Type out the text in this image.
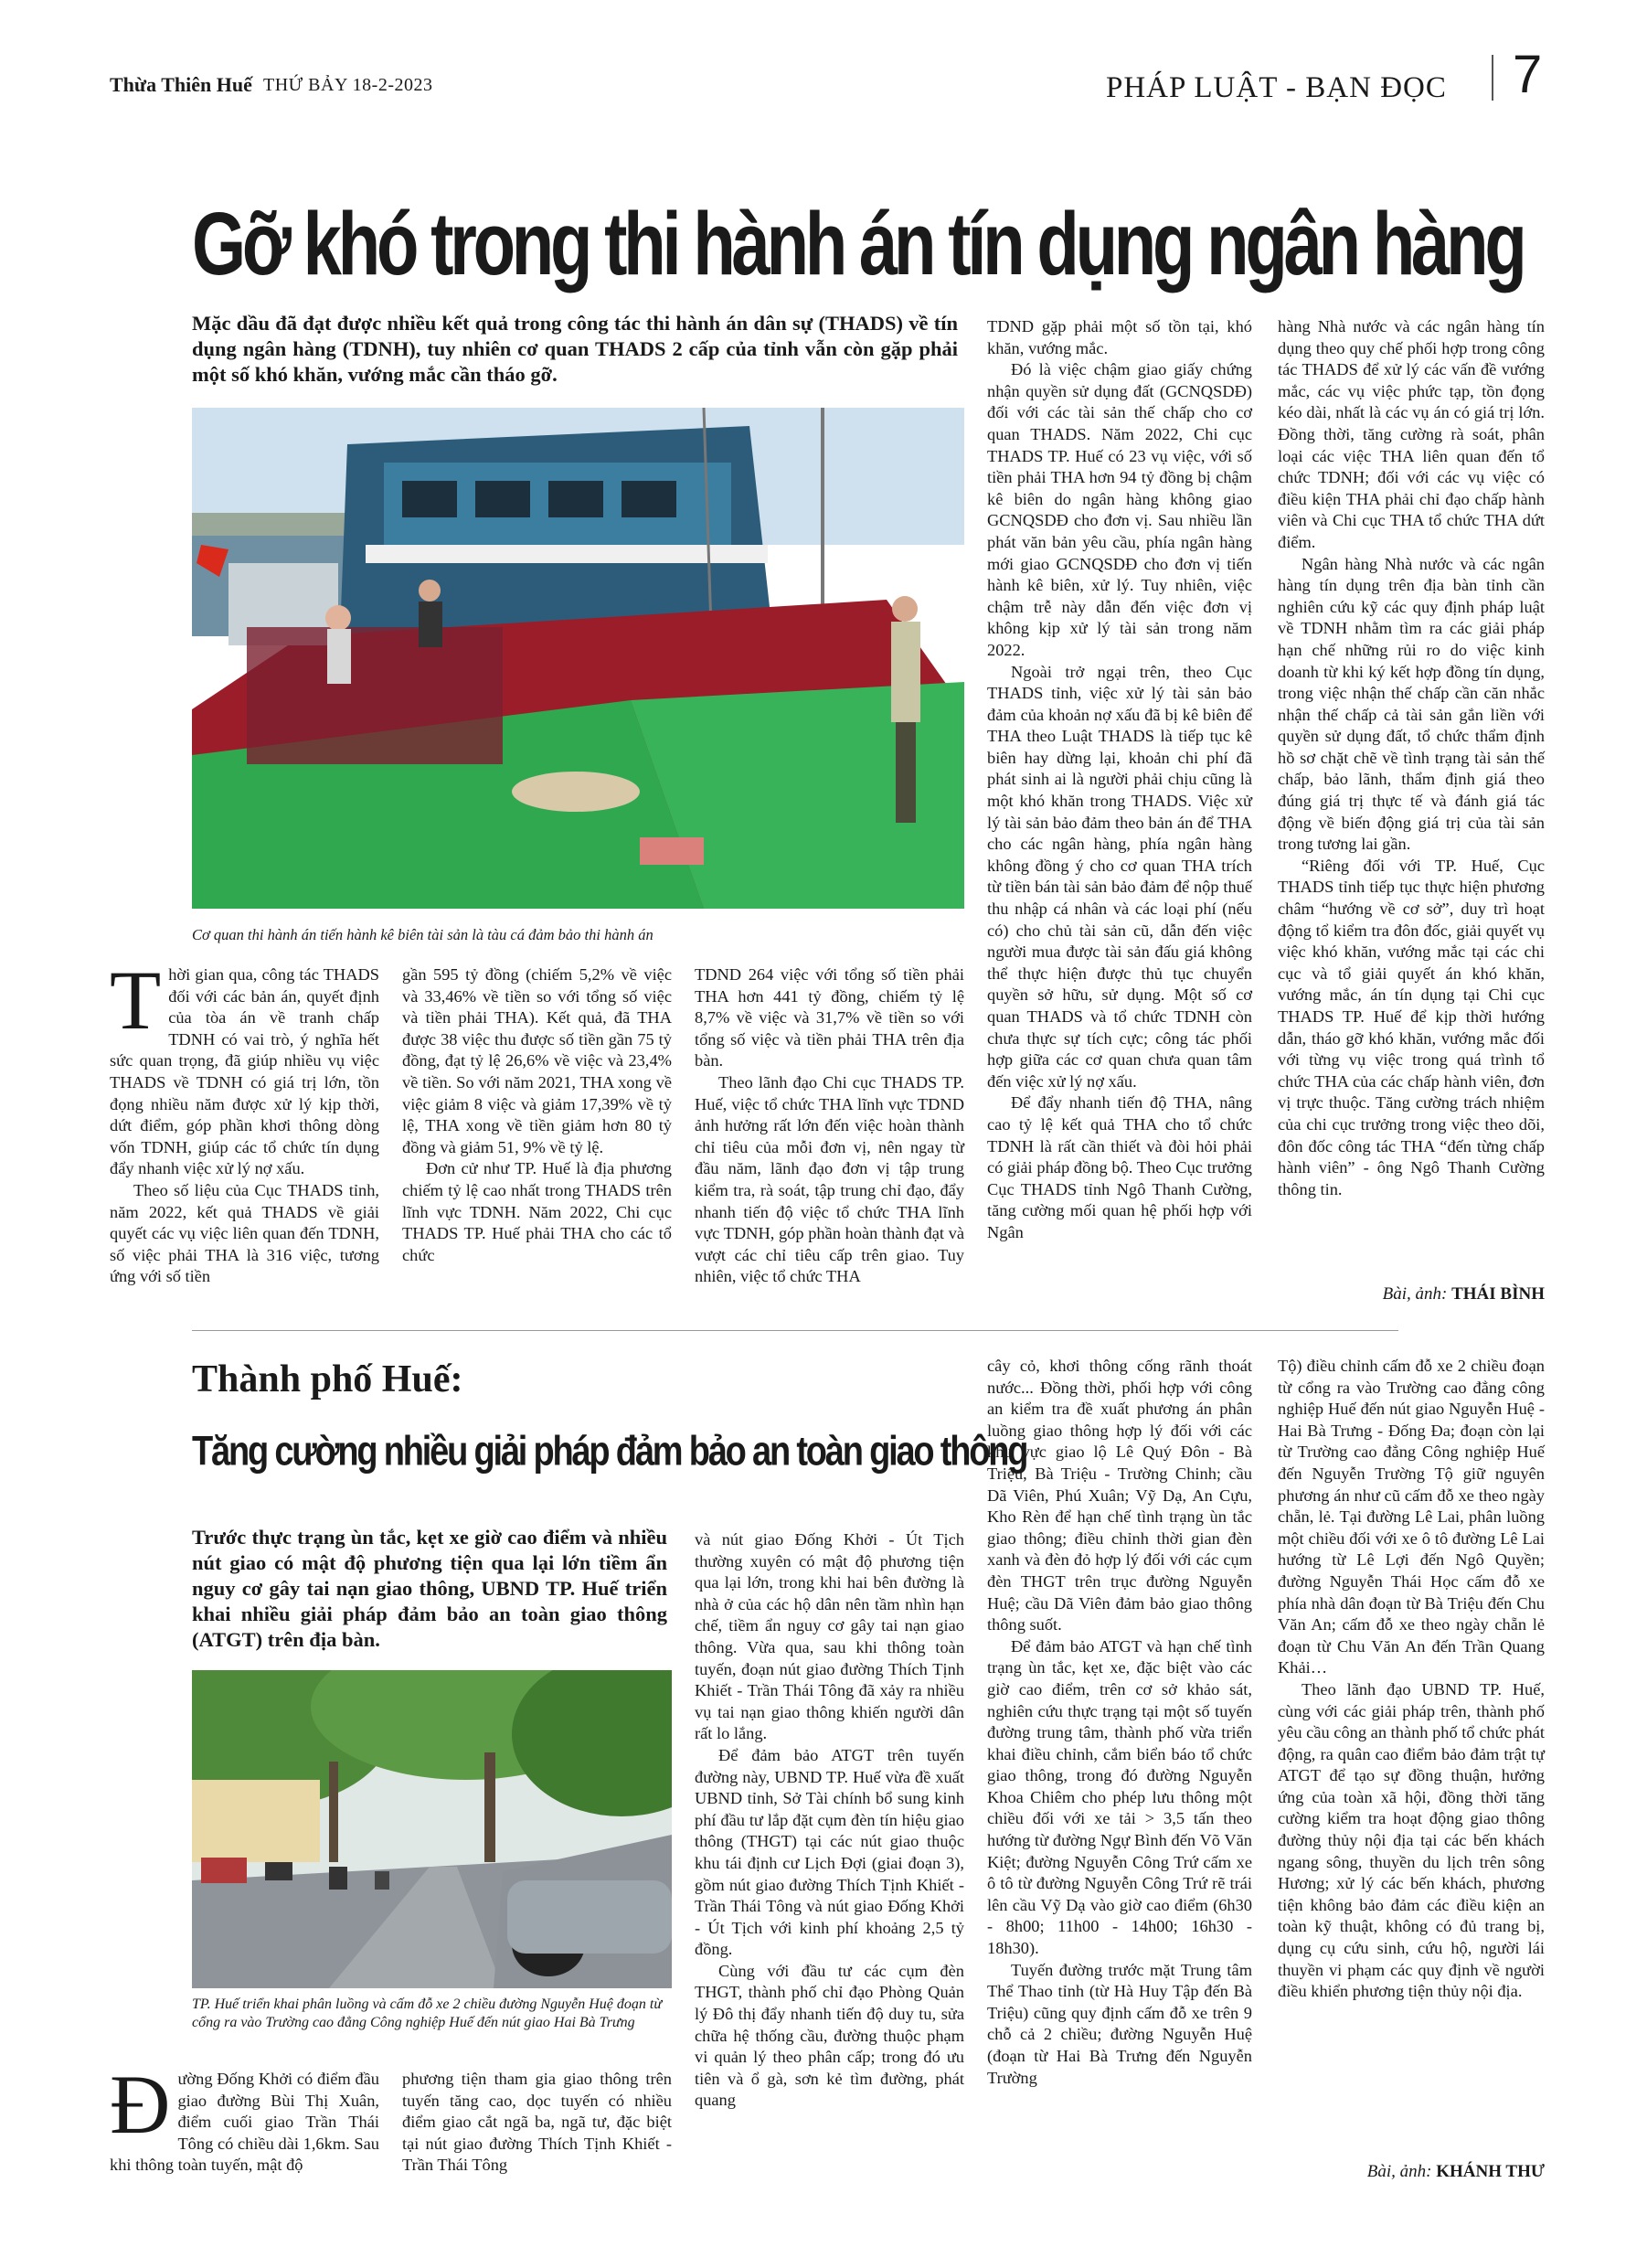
Thừa Thiên Huế THỨ BẢY 18-2-2023	PHÁP LUẬT - BẠN ĐỌC 7
Gỡ khó trong thi hành án tín dụng ngân hàng
Mặc dầu đã đạt được nhiều kết quả trong công tác thi hành án dân sự (THADS) về tín dụng ngân hàng (TDNH), tuy nhiên cơ quan THADS 2 cấp của tỉnh vẫn còn gặp phải một số khó khăn, vướng mắc cần tháo gỡ.
Cơ quan thi hành án tiến hành kê biên tài sản là tàu cá đảm bảo thi hành án
T hời gian qua, công tác THADS đối với các bản án, quyết định của tòa án về tranh chấp TDNH có vai trò, ý nghĩa hết sức quan trọng, đã giúp nhiều vụ việc THADS về TDNH có giá trị lớn, tồn đọng nhiều năm được xử lý kịp thời, dứt điểm, góp phần khơi thông dòng vốn TDNH, giúp các tổ chức tín dụng đẩy nhanh việc xử lý nợ xấu.

Theo số liệu của Cục THADS tỉnh, năm 2022, kết quả THADS về giải quyết các vụ việc liên quan đến TDNH, số việc phải THA là 316 việc, tương ứng với số tiền

gần 595 tỷ đồng (chiếm 5,2% về việc và 33,46% về tiền so với tổng số việc và tiền phải THA). Kết quả, đã THA được 38 việc thu được số tiền gần 75 tỷ đồng, đạt tỷ lệ 26,6% về việc và 23,4% về tiền. So với năm 2021, THA xong về việc giảm 8 việc và giảm 17,39% về tỷ lệ, THA xong về tiền giảm hơn 80 tỷ đồng và giảm 51, 9% về tỷ lệ.

Đơn cử như TP. Huế là địa phương chiếm tỷ lệ cao nhất trong THADS trên lĩnh vực TDNH. Năm 2022, Chi cục THADS TP. Huế phải THA cho các tổ chức

TDND 264 việc với tổng số tiền phải THA hơn 441 tỷ đồng, chiếm tỷ lệ 8,7% về việc và 31,7% về tiền so với tổng số việc và tiền phải THA trên địa bàn.

Theo lãnh đạo Chi cục THADS TP. Huế, việc tổ chức THA lĩnh vực TDND ảnh hưởng rất lớn đến việc hoàn thành chỉ tiêu của mỗi đơn vị, nên ngay từ đầu năm, lãnh đạo đơn vị tập trung kiểm tra, rà soát, tập trung chỉ đạo, đẩy nhanh tiến độ việc tổ chức THA lĩnh vực TDNH, góp phần hoàn thành đạt và vượt các chỉ tiêu cấp trên giao. Tuy nhiên, việc tổ chức THA

TDND gặp phải một số tồn tại, khó khăn, vướng mắc.

Đó là việc chậm giao giấy chứng nhận quyền sử dụng đất (GCNQSDĐ) đối với các tài sản thế chấp cho cơ quan THADS. Năm 2022, Chi cục THADS TP. Huế có 23 vụ việc, với số tiền phải THA hơn 94 tỷ đồng bị chậm kê biên do ngân hàng không giao GCNQSDĐ cho đơn vị. Sau nhiều lần phát văn bản yêu cầu, phía ngân hàng mới giao GCNQSDĐ cho đơn vị tiến hành kê biên, xử lý. Tuy nhiên, việc chậm trễ này dẫn đến việc đơn vị không kịp xử lý tài sản trong năm 2022.

Ngoài trở ngại trên, theo Cục THADS tỉnh, việc xử lý tài sản bảo đảm của khoản nợ xấu đã bị kê biên để THA theo Luật THADS là tiếp tục kê biên hay dừng lại, khoản chi phí đã phát sinh ai là người phải chịu cũng là một khó khăn trong THADS. Việc xử lý tài sản bảo đảm theo bản án để THA cho các ngân hàng, phía ngân hàng không đồng ý cho cơ quan THA trích từ tiền bán tài sản bảo đảm để nộp thuế thu nhập cá nhân và các loại phí (nếu có) cho chủ tài sản cũ, dẫn đến việc người mua được tài sản đấu giá không thể thực hiện được thủ tục chuyển quyền sở hữu, sử dụng. Một số cơ quan THADS và tổ chức TDNH còn chưa thực sự tích cực; công tác phối hợp giữa các cơ quan chưa quan tâm đến việc xử lý nợ xấu.

Để đẩy nhanh tiến độ THA, nâng cao tỷ lệ kết quả THA cho tổ chức TDNH là rất cần thiết và đòi hỏi phải có giải pháp đồng bộ. Theo Cục trưởng Cục THADS tỉnh Ngô Thanh Cường, tăng cường mối quan hệ phối hợp với Ngân

hàng Nhà nước và các ngân hàng tín dụng theo quy chế phối hợp trong công tác THADS để xử lý các vấn đề vướng mắc, các vụ việc phức tạp, tồn đọng kéo dài, nhất là các vụ án có giá trị lớn. Đồng thời, tăng cường rà soát, phân loại các việc THA liên quan đến tổ chức TDNH; đối với các vụ việc có điều kiện THA phải chỉ đạo chấp hành viên và Chi cục THA tổ chức THA dứt điểm.

Ngân hàng Nhà nước và các ngân hàng tín dụng trên địa bàn tỉnh cần nghiên cứu kỹ các quy định pháp luật về TDNH nhằm tìm ra các giải pháp hạn chế những rủi ro do việc kinh doanh từ khi ký kết hợp đồng tín dụng, trong việc nhận thế chấp cần căn nhắc nhận thế chấp cả tài sản gắn liền với quyền sử dụng đất, tổ chức thẩm định hồ sơ chặt chẽ về tình trạng tài sản thế chấp, bảo lãnh, thẩm định giá theo đúng giá trị thực tế và đánh giá tác động về biến động giá trị của tài sản trong tương lai gần.

“Riêng đối với TP. Huế, Cục THADS tỉnh tiếp tục thực hiện phương châm “hướng về cơ sở”, duy trì hoạt động tổ kiểm tra đôn đốc, giải quyết vụ việc khó khăn, vướng mắc tại các chi cục và tổ giải quyết án khó khăn, vướng mắc, án tín dụng tại Chi cục THADS TP. Huế để kịp thời hướng dẫn, tháo gỡ khó khăn, vướng mắc đối với từng vụ việc trong quá trình tổ chức THA của các chấp hành viên, đơn vị trực thuộc. Tăng cường trách nhiệm của chi cục trưởng trong việc theo dõi, đôn đốc công tác THA “đến từng chấp hành viên” - ông Ngô Thanh Cường thông tin.

Bài, ảnh: THÁI BÌNH
Thành phố Huế:
Tăng cường nhiều giải pháp đảm bảo an toàn giao thông
Trước thực trạng ùn tắc, kẹt xe giờ cao điểm và nhiều nút giao có mật độ phương tiện qua lại lớn tiềm ẩn nguy cơ gây tai nạn giao thông, UBND TP. Huế triển khai nhiều giải pháp đảm bảo an toàn giao thông (ATGT) trên địa bàn.
TP. Huế triển khai phân luồng và cấm đỗ xe 2 chiều đường Nguyễn Huệ đoạn từ cổng ra vào Trường cao đẳng Công nghiệp Huế đến nút giao Hai Bà Trưng
Đ ường Đống Khởi có điểm đầu giao đường Bùi Thị Xuân, điểm cuối giao Trần Thái Tông có chiều dài 1,6km. Sau khi thông toàn tuyến, mật độ

phương tiện tham gia giao thông trên tuyến tăng cao, dọc tuyến có nhiều điểm giao cắt ngã ba, ngã tư, đặc biệt tại nút giao đường Thích Tịnh Khiết - Trần Thái Tông

và nút giao Đống Khởi - Út Tịch thường xuyên có mật độ phương tiện qua lại lớn, trong khi hai bên đường là nhà ở của các hộ dân nên tầm nhìn hạn chế, tiềm ẩn nguy cơ gây tai nạn giao thông. Vừa qua, sau khi thông toàn tuyến, đoạn nút giao đường Thích Tịnh Khiết - Trần Thái Tông đã xảy ra nhiều vụ tai nạn giao thông khiến người dân rất lo lắng.

Để đảm bảo ATGT trên tuyến đường này, UBND TP. Huế vừa đề xuất UBND tỉnh, Sở Tài chính bổ sung kinh phí đầu tư lắp đặt cụm đèn tín hiệu giao thông (THGT) tại các nút giao thuộc khu tái định cư Lịch Đợi (giai đoạn 3), gồm nút giao đường Thích Tịnh Khiết - Trần Thái Tông và nút giao Đống Khởi - Út Tịch với kinh phí khoảng 2,5 tỷ đồng.

Cùng với đầu tư các cụm đèn THGT, thành phố chỉ đạo Phòng Quản lý Đô thị đẩy nhanh tiến độ duy tu, sửa chữa hệ thống cầu, đường thuộc phạm vi quản lý theo phân cấp; trong đó ưu tiên và ổ gà, sơn kẻ tìm đường, phát quang

cây cỏ, khơi thông cống rãnh thoát nước... Đồng thời, phối hợp với công an kiểm tra đề xuất phương án phân luồng giao thông hợp lý đối với các khu vực giao lộ Lê Quý Đôn - Bà Triệu, Bà Triệu - Trường Chinh; cầu Dã Viên, Phú Xuân; Vỹ Dạ, An Cựu, Kho Rèn để hạn chế tình trạng ùn tắc giao thông; điều chỉnh thời gian đèn xanh và đèn đỏ hợp lý đối với các cụm đèn THGT trên trục đường Nguyễn Huệ; cầu Dã Viên đảm bảo giao thông thông suốt.

Để đảm bảo ATGT và hạn chế tình trạng ùn tắc, kẹt xe, đặc biệt vào các giờ cao điểm, trên cơ sở khảo sát, nghiên cứu thực trạng tại một số tuyến đường trung tâm, thành phố vừa triển khai điều chỉnh, cắm biển báo tổ chức giao thông, trong đó đường Nguyễn Khoa Chiêm cho phép lưu thông một chiều đối với xe tải > 3,5 tấn theo hướng từ đường Ngự Bình đến Võ Văn Kiệt; đường Nguyễn Công Trứ cấm xe ô tô từ đường Nguyễn Công Trứ rẽ trái lên cầu Vỹ Dạ vào giờ cao điểm (6h30 - 8h00; 11h00 - 14h00; 16h30 - 18h30).

Tuyến đường trước mặt Trung tâm Thể Thao tỉnh (từ Hà Huy Tập đến Bà Triệu) cũng quy định cấm đỗ xe trên 9 chỗ cả 2 chiều; đường Nguyễn Huệ (đoạn từ Hai Bà Trưng đến Nguyễn Trường

Tộ) điều chỉnh cấm đỗ xe 2 chiều đoạn từ cổng ra vào Trường cao đẳng công nghiệp Huế đến nút giao Nguyễn Huệ - Hai Bà Trưng - Đống Đa; đoạn còn lại từ Trường cao đẳng Công nghiệp Huế đến Nguyễn Trường Tộ giữ nguyên phương án như cũ cấm đỗ xe theo ngày chẵn, lẻ. Tại đường Lê Lai, phân luồng một chiều đối với xe ô tô đường Lê Lai hướng từ Lê Lợi đến Ngô Quyền; đường Nguyễn Thái Học cấm đỗ xe phía nhà dân đoạn từ Bà Triệu đến Chu Văn An; cấm đỗ xe theo ngày chẵn lẻ đoạn từ Chu Văn An đến Trần Quang Khải…

Theo lãnh đạo UBND TP. Huế, cùng với các giải pháp trên, thành phố yêu cầu công an thành phố tổ chức phát động, ra quân cao điểm bảo đảm trật tự ATGT để tạo sự đồng thuận, hưởng ứng của toàn xã hội, đồng thời tăng cường kiểm tra hoạt động giao thông đường thủy nội địa tại các bến khách ngang sông, thuyền du lịch trên sông Hương; xử lý các bến khách, phương tiện không bảo đảm các điều kiện an toàn kỹ thuật, không có đủ trang bị, dụng cụ cứu sinh, cứu hộ, người lái thuyền vi phạm các quy định về người điều khiển phương tiện thủy nội địa.

Bài, ảnh: KHÁNH THƯ
